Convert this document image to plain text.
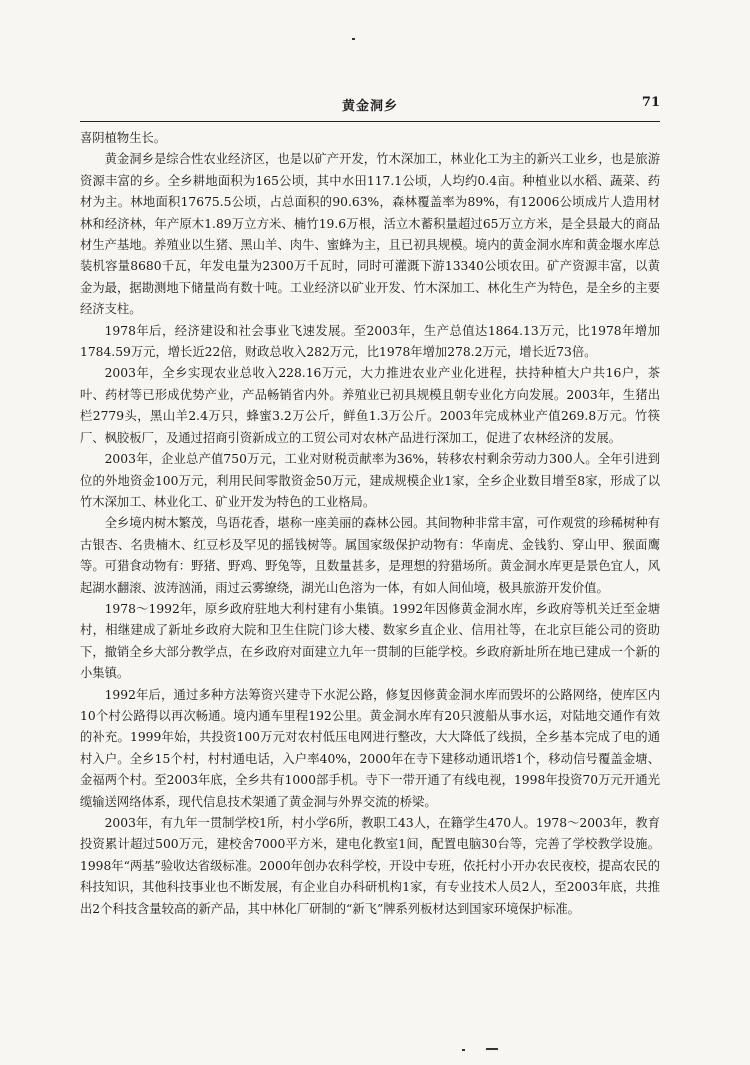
黄金洞乡	71

喜阴植物生长。

黄金洞乡是综合性农业经济区，也是以矿产开发，竹木深加工，林业化工为主的新兴工业乡，也是旅游资源丰富的乡。全乡耕地面积为165公顷，其中水田117.1公顷，人均约0.4亩。种植业以水稻、蔬菜、药材为主。林地面积17675.5公顷，占总面积的90.63%，森林覆盖率为89%，有12006公顷成片人造用材林和经济林，年产原木1.89万立方米、楠竹19.6万根，活立木蓄积量超过65万立方米，是全县最大的商品材生产基地。养殖业以生猪、黑山羊、肉牛、蜜蜂为主，且已初具规模。境内的黄金洞水库和黄金堰水库总装机容量8680千瓦，年发电量为2300万千瓦时，同时可灌溉下游13340公顷农田。矿产资源丰富，以黄金为最，据勘测地下储量尚有数十吨。工业经济以矿业开发、竹木深加工、林化生产为特色，是全乡的主要经济支柱。

1978年后，经济建设和社会事业飞速发展。至2003年，生产总值达1864.13万元，比1978年增加1784.59万元，增长近22倍，财政总收入282万元，比1978年增加278.2万元，增长近73倍。

2003年，全乡实现农业总收入228.16万元，大力推进农业产业化进程，扶持种植大户共16户，茶叶、药材等已形成优势产业，产品畅销省内外。养殖业已初具规模且朝专业化方向发展。2003年，生猪出栏2779头，黑山羊2.4万只，蜂蜜3.2万公斤，鲜鱼1.3万公斤。2003年完成林业产值269.8万元。竹筷厂、枫胶板厂，及通过招商引资新成立的工贸公司对农林产品进行深加工，促进了农林经济的发展。

2003年，企业总产值750万元，工业对财税贡献率为36%，转移农村剩余劳动力300人。全年引进到位的外地资金100万元，利用民间零散资金50万元，建成规模企业1家，全乡企业数目增至8家，形成了以竹木深加工、林业化工、矿业开发为特色的工业格局。

全乡境内树木繁茂，鸟语花香，堪称一座美丽的森林公园。其间物种非常丰富，可作观赏的珍稀树种有古银杏、名贵楠木、红豆杉及罕见的摇钱树等。属国家级保护动物有：华南虎、金钱豹、穿山甲、猴面鹰等。可猎食动物有：野猪、野鸡、野兔等，且数量甚多，是理想的狩猎场所。黄金洞水库更是景色宜人，风起湖水翻滚、波涛汹涌，雨过云雾缭绕，湖光山色溶为一体，有如人间仙境，极具旅游开发价值。

1978～1992年，原乡政府驻地大利村建有小集镇。1992年因修黄金洞水库，乡政府等机关迁至金塘村，相继建成了新址乡政府大院和卫生住院门诊大楼、数家乡直企业、信用社等，在北京巨能公司的资助下，撤销全乡大部分教学点，在乡政府对面建立九年一贯制的巨能学校。乡政府新址所在地已建成一个新的小集镇。

1992年后，通过多种方法筹资兴建寺下水泥公路，修复因修黄金洞水库而毁坏的公路网络，使库区内10个村公路得以再次畅通。境内通车里程192公里。黄金洞水库有20只渡船从事水运，对陆地交通作有效的补充。1999年始，共投资100万元对农村低压电网进行整改，大大降低了线损，全乡基本完成了电的通村入户。全乡15个村，村村通电话，入户率40%，2000年在寺下建移动通讯塔1个，移动信号覆盖金塘、金福两个村。至2003年底，全乡共有1000部手机。寺下一带开通了有线电视，1998年投资70万元开通光缆输送网络体系，现代信息技术架通了黄金洞与外界交流的桥梁。

2003年，有九年一贯制学校1所，村小学6所，教职工43人，在籍学生470人。1978～2003年，教育投资累计超过500万元，建校舍7000平方米，建电化教室1间，配置电脑30台等，完善了学校教学设施。1998年“两基”验收达省级标准。2000年创办农科学校，开设中专班，依托村小开办农民夜校，提高农民的科技知识，其他科技事业也不断发展，有企业自办科研机构1家，有专业技术人员2人，至2003年底，共推出2个科技含量较高的新产品，其中林化厂研制的“新飞”牌系列板材达到国家环境保护标准。
